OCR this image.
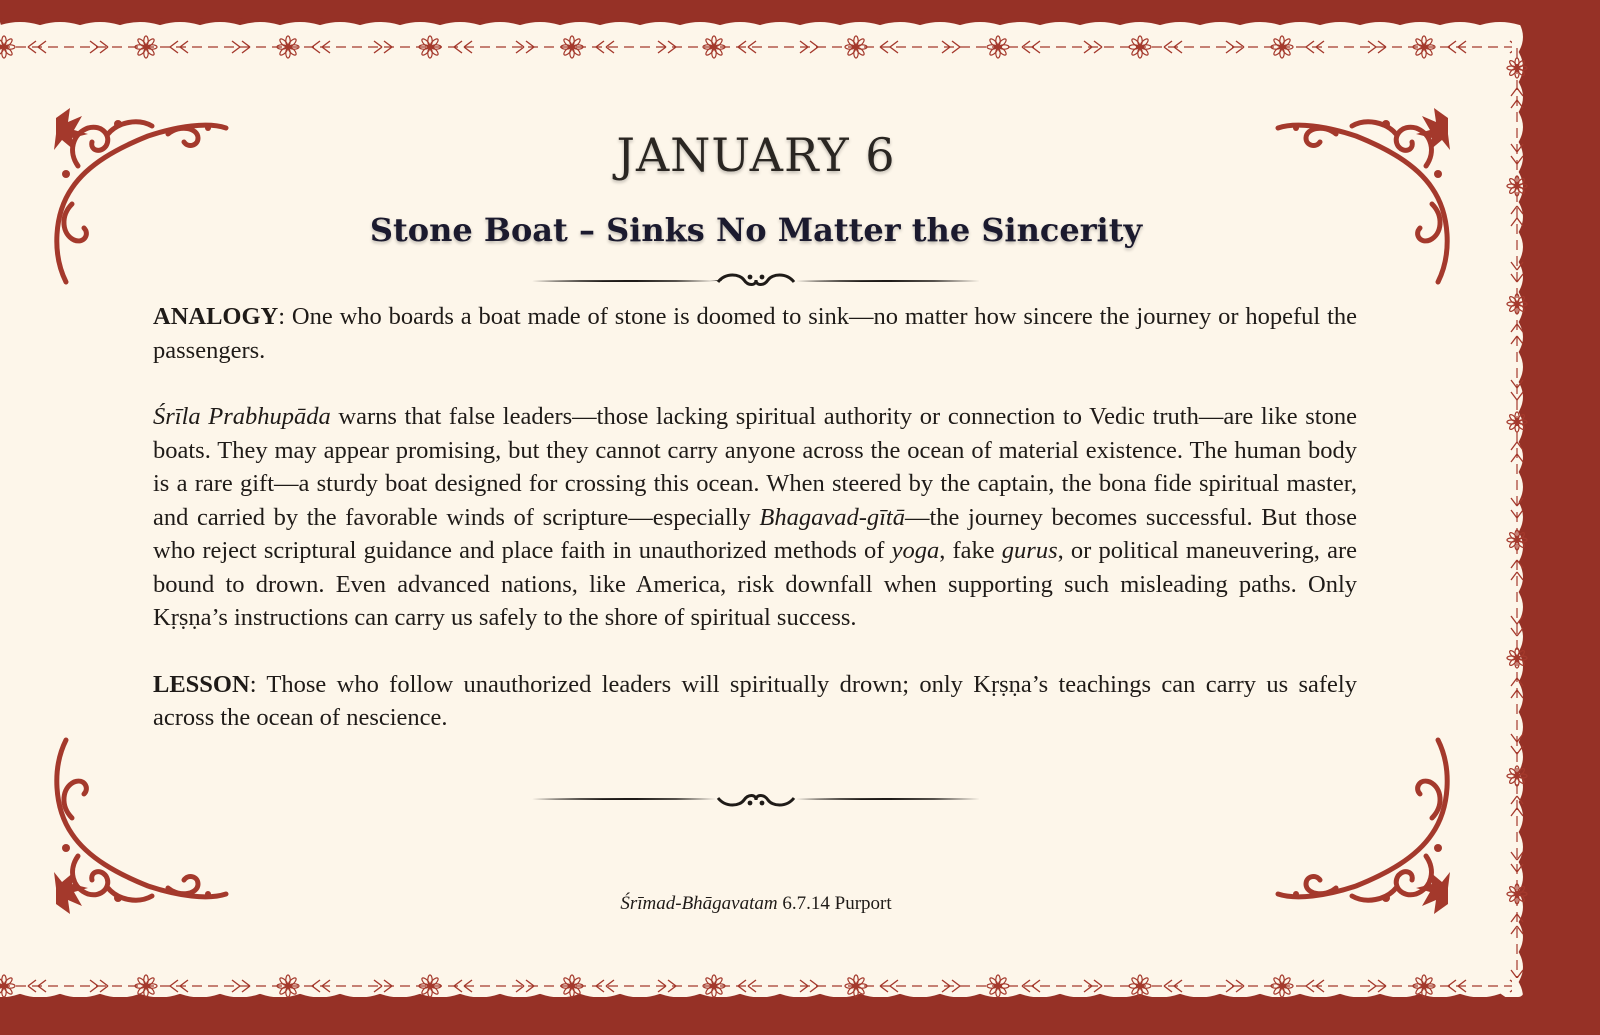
JANUARY 6
Stone Boat – Sinks No Matter the Sincerity

ANALOGY: One who boards a boat made of stone is doomed to sink—no matter how sincere the journey or hopeful the passengers.

Śrīla Prabhupāda warns that false leaders—those lacking spiritual authority or connection to Vedic truth—are like stone boats. They may appear promising, but they cannot carry anyone across the ocean of material existence. The human body is a rare gift—a sturdy boat designed for crossing this ocean. When steered by the captain, the bona fide spiritual master, and carried by the favorable winds of scripture—especially Bhagavad-gītā—the journey becomes successful. But those who reject scriptural guidance and place faith in unauthorized methods of yoga, fake gurus, or political maneuvering, are bound to drown. Even advanced nations, like America, risk downfall when supporting such misleading paths. Only Kṛṣṇa’s instructions can carry us safely to the shore of spiritual success.

LESSON: Those who follow unauthorized leaders will spiritually drown; only Kṛṣṇa’s teachings can carry us safely across the ocean of nescience.

Śrīmad-Bhāgavatam 6.7.14 Purport
